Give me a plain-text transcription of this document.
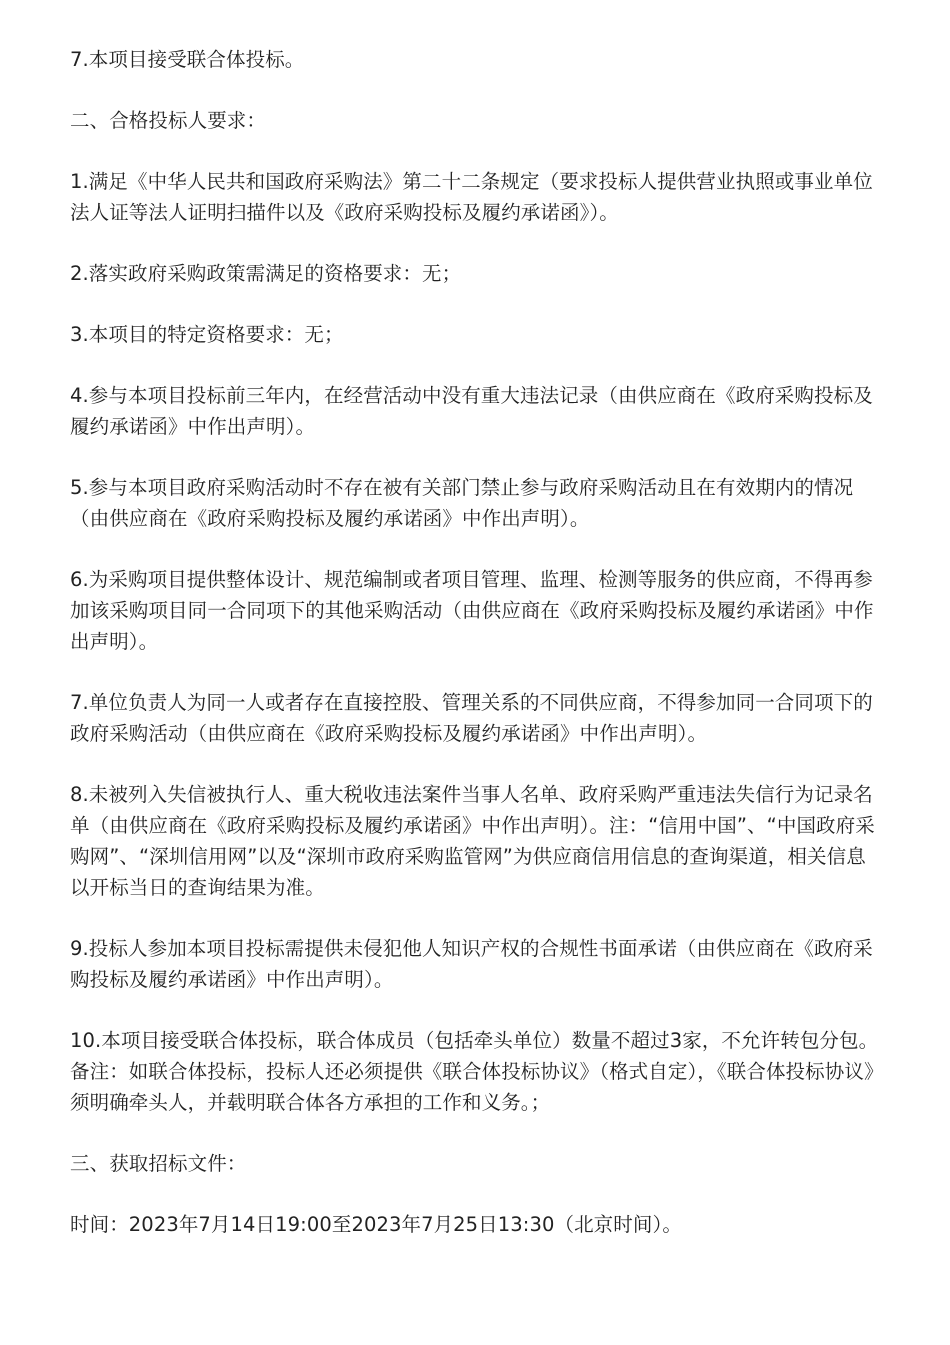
7.本项目接受联合体投标。

二、合格投标人要求：

1.满足《中华人民共和国政府采购法》第二十二条规定（要求投标人提供营业执照或事业单位法人证等法人证明扫描件以及《政府采购投标及履约承诺函》）。

2.落实政府采购政策需满足的资格要求：无；

3.本项目的特定资格要求：无；

4.参与本项目投标前三年内，在经营活动中没有重大违法记录（由供应商在《政府采购投标及履约承诺函》中作出声明）。

5.参与本项目政府采购活动时不存在被有关部门禁止参与政府采购活动且在有效期内的情况（由供应商在《政府采购投标及履约承诺函》中作出声明）。

6.为采购项目提供整体设计、规范编制或者项目管理、监理、检测等服务的供应商，不得再参加该采购项目同一合同项下的其他采购活动（由供应商在《政府采购投标及履约承诺函》中作出声明）。

7.单位负责人为同一人或者存在直接控股、管理关系的不同供应商，不得参加同一合同项下的政府采购活动（由供应商在《政府采购投标及履约承诺函》中作出声明）。

8.未被列入失信被执行人、重大税收违法案件当事人名单、政府采购严重违法失信行为记录名单（由供应商在《政府采购投标及履约承诺函》中作出声明）。注：“信用中国”、“中国政府采购网”、“深圳信用网”以及“深圳市政府采购监管网”为供应商信用信息的查询渠道，相关信息以开标当日的查询结果为准。

9.投标人参加本项目投标需提供未侵犯他人知识产权的合规性书面承诺（由供应商在《政府采购投标及履约承诺函》中作出声明）。

10.本项目接受联合体投标，联合体成员（包括牵头单位）数量不超过3家，不允许转包分包。备注：如联合体投标，投标人还必须提供《联合体投标协议》（格式自定），《联合体投标协议》须明确牵头人，并载明联合体各方承担的工作和义务。；

三、获取招标文件：

时间：2023年7月14日19:00至2023年7月25日13:30（北京时间）。
